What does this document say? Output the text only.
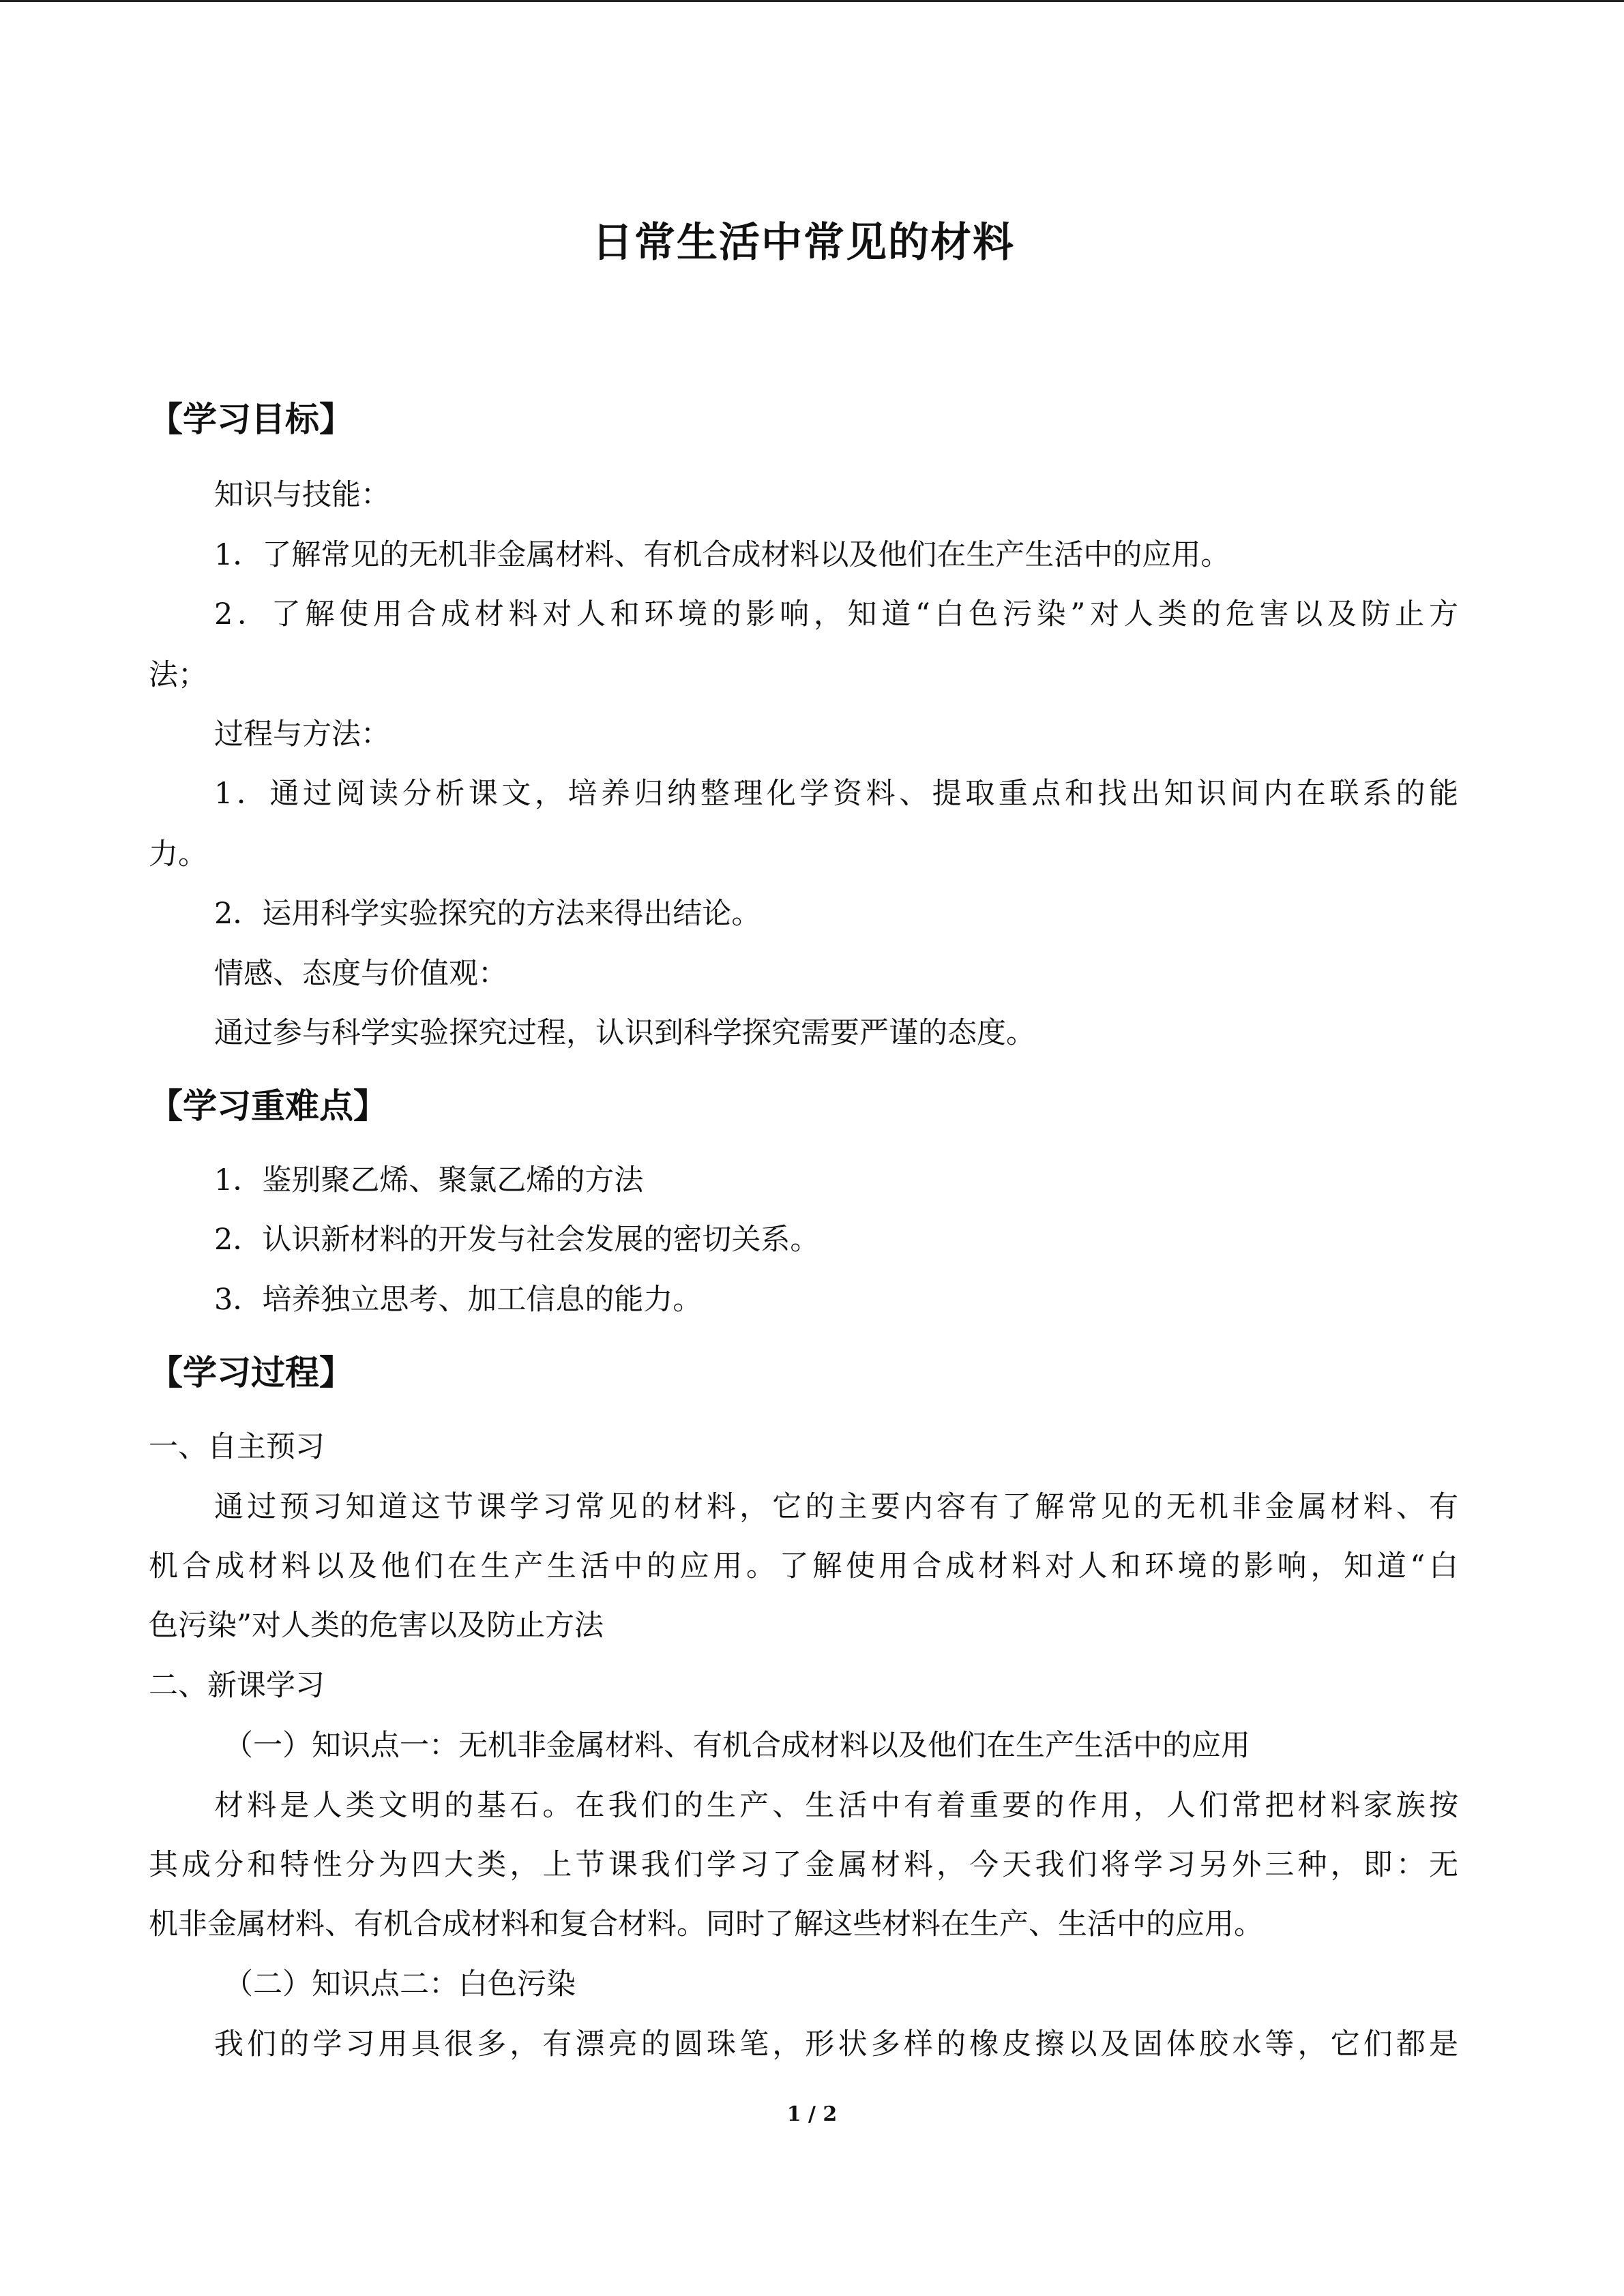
日常生活中常见的材料
【学习目标】
知识与技能：
1．了解常见的无机非金属材料、有机合成材料以及他们在生产生活中的应用。
2．了解使用合成材料对人和环境的影响，知道“白色污染”对人类的危害以及防止方
法；
过程与方法：
1．通过阅读分析课文，培养归纳整理化学资料、提取重点和找出知识间内在联系的能
力。
2．运用科学实验探究的方法来得出结论。
情感、态度与价值观：
通过参与科学实验探究过程，认识到科学探究需要严谨的态度。
【学习重难点】
1．鉴别聚乙烯、聚氯乙烯的方法
2．认识新材料的开发与社会发展的密切关系。
3．培养独立思考、加工信息的能力。
【学习过程】
一、自主预习
通过预习知道这节课学习常见的材料，它的主要内容有了解常见的无机非金属材料、有
机合成材料以及他们在生产生活中的应用。了解使用合成材料对人和环境的影响，知道“白
色污染”对人类的危害以及防止方法
二、新课学习
（一）知识点一：无机非金属材料、有机合成材料以及他们在生产生活中的应用
材料是人类文明的基石。在我们的生产、生活中有着重要的作用，人们常把材料家族按
其成分和特性分为四大类，上节课我们学习了金属材料，今天我们将学习另外三种，即：无
机非金属材料、有机合成材料和复合材料。同时了解这些材料在生产、生活中的应用。
（二）知识点二：白色污染
我们的学习用具很多，有漂亮的圆珠笔，形状多样的橡皮擦以及固体胶水等，它们都是
1 / 2
